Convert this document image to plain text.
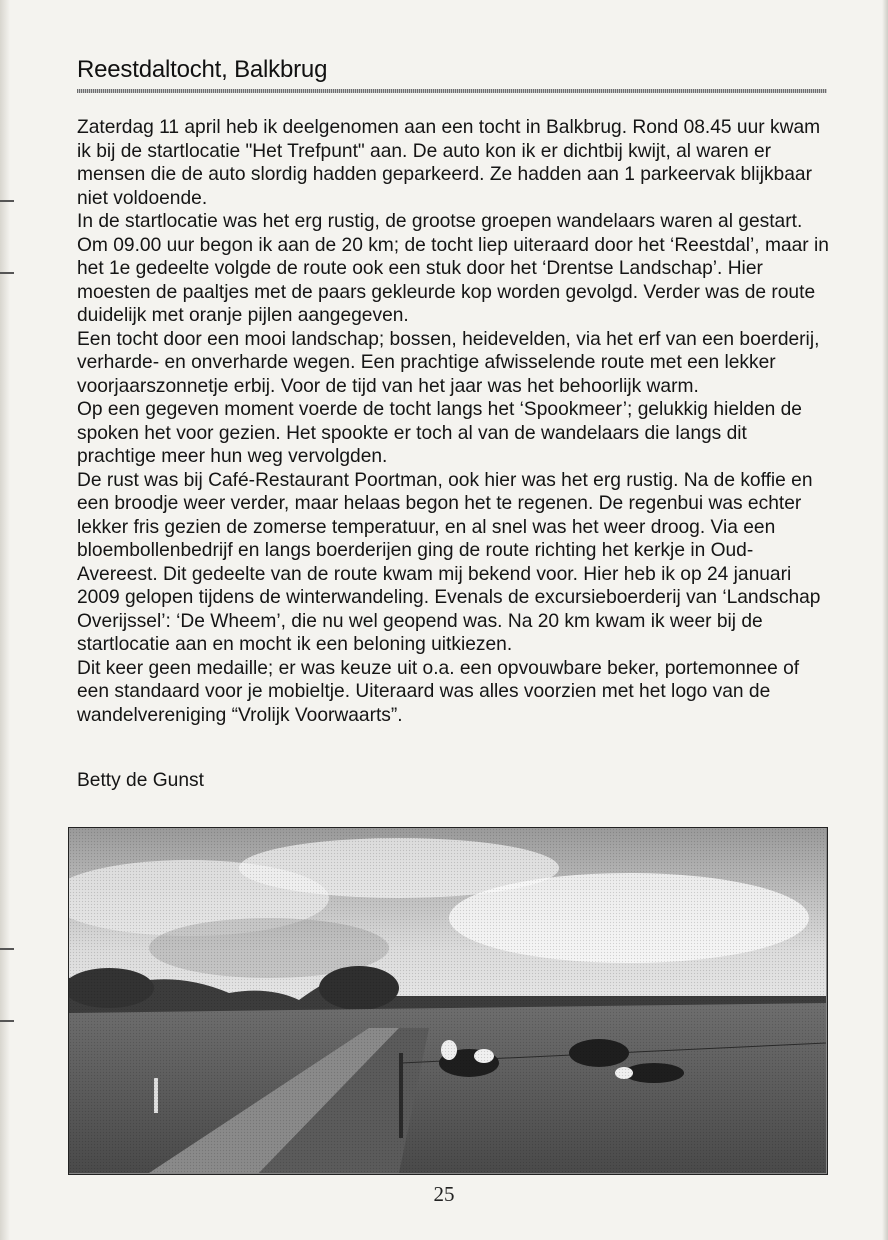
Reestdaltocht, Balkbrug

Zaterdag 11 april heb ik deelgenomen aan een tocht in Balkbrug. Rond 08.45 uur kwam ik bij de startlocatie "Het Trefpunt" aan. De auto kon ik er dichtbij kwijt, al waren er mensen die de auto slordig hadden geparkeerd. Ze hadden aan 1 parkeervak blijkbaar niet voldoende.

In de startlocatie was het erg rustig, de grootse groepen wandelaars waren al gestart. Om 09.00 uur begon ik aan de 20 km; de tocht liep uiteraard door het ‘Reestdal’, maar in het 1e gedeelte volgde de route ook een stuk door het ‘Drentse Landschap’. Hier moesten de paaltjes met de paars gekleurde kop worden gevolgd. Verder was de route duidelijk met oranje pijlen aangegeven.

Een tocht door een mooi landschap; bossen, heidevelden, via het erf van een boerderij, verharde- en onverharde wegen. Een prachtige afwisselende route met een lekker voorjaarszonnetje erbij. Voor de tijd van het jaar was het behoorlijk warm.

Op een gegeven moment voerde de tocht langs het ‘Spookmeer’; gelukkig hielden de spoken het voor gezien. Het spookte er toch al van de wandelaars die langs dit prachtige meer hun weg vervolgden.

De rust was bij Café-Restaurant Poortman, ook hier was het erg rustig. Na de koffie en een broodje weer verder, maar helaas begon het te regenen. De regenbui was echter lekker fris gezien de zomerse temperatuur, en al snel was het weer droog. Via een bloembollenbedrijf en langs boerderijen ging de route richting het kerkje in Oud-Avereest. Dit gedeelte van de route kwam mij bekend voor. Hier heb ik op 24 januari 2009 gelopen tijdens de winterwandeling. Evenals de excursieboerderij van ‘Landschap Overijssel’: ‘De Wheem’, die nu wel geopend was. Na 20 km kwam ik weer bij de startlocatie aan en mocht ik een beloning uitkiezen.

Dit keer geen medaille; er was keuze uit o.a. een opvouwbare beker, portemonnee of een standaard voor je mobieltje. Uiteraard was alles voorzien met het logo van de wandelvereniging “Vrolijk Voorwaarts”.

Betty de Gunst
25
